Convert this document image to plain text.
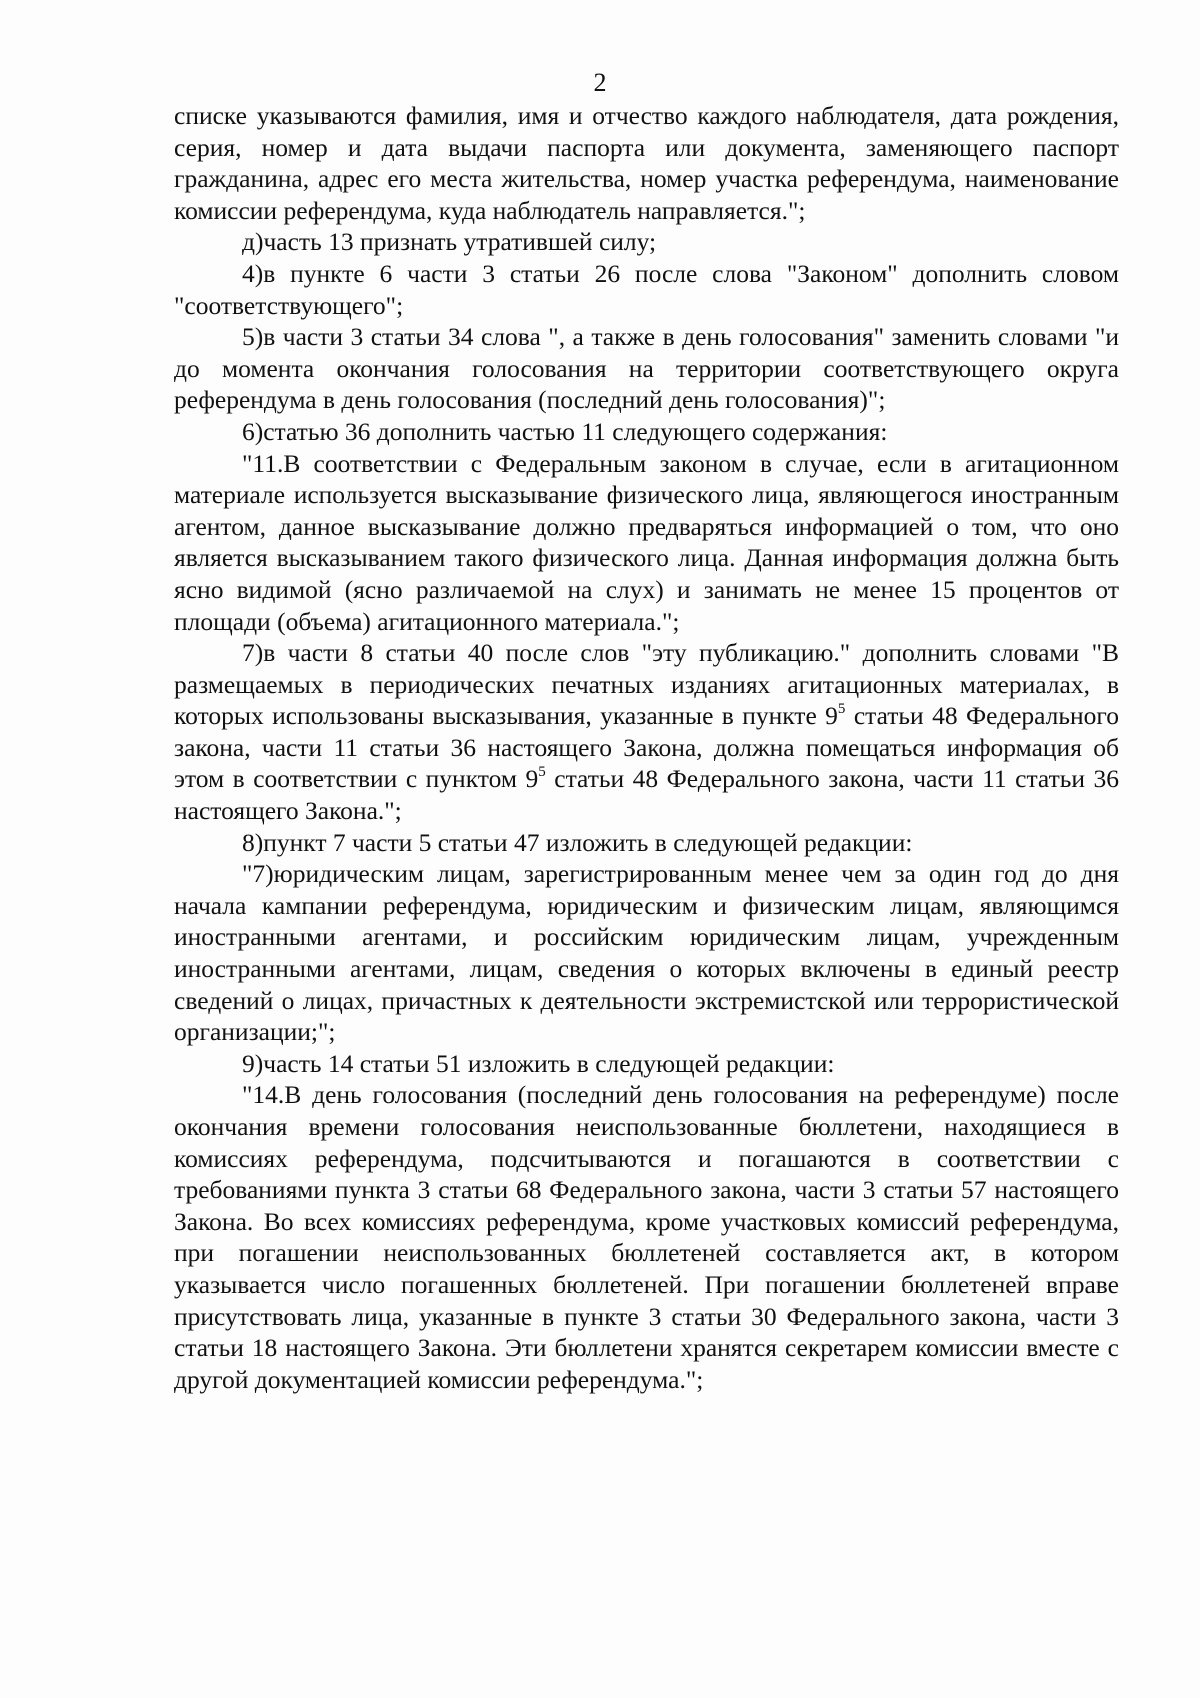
2

списке указываются фамилия, имя и отчество каждого наблюдателя, дата рождения, серия, номер и дата выдачи паспорта или документа, заменяющего паспорт гражданина, адрес его места жительства, номер участка референдума, наименование комиссии референдума, куда наблюдатель направляется.";

д)часть 13 признать утратившей силу;

4)в пункте 6 части 3 статьи 26 после слова "Законом" дополнить словом "соответствующего";

5)в части 3 статьи 34 слова ", а также в день голосования" заменить словами "и до момента окончания голосования на территории соответствующего округа референдума в день голосования (последний день голосования)";

6)статью 36 дополнить частью 11 следующего содержания:

"11.В соответствии с Федеральным законом в случае, если в агитационном материале используется высказывание физического лица, являющегося иностранным агентом, данное высказывание должно предваряться информацией о том, что оно является высказыванием такого физического лица. Данная информация должна быть ясно видимой (ясно различаемой на слух) и занимать не менее 15 процентов от площади (объема) агитационного материала.";

7)в части 8 статьи 40 после слов "эту публикацию." дополнить словами "В размещаемых в периодических печатных изданиях агитационных материалах, в которых использованы высказывания, указанные в пункте $9^5$ статьи 48 Федерального закона, части 11 статьи 36 настоящего Закона, должна помещаться информация об этом в соответствии с пунктом $9^5$ статьи 48 Федерального закона, части 11 статьи 36 настоящего Закона.";

8)пункт 7 части 5 статьи 47 изложить в следующей редакции:

"7)юридическим лицам, зарегистрированным менее чем за один год до дня начала кампании референдума, юридическим и физическим лицам, являющимся иностранными агентами, и российским юридическим лицам, учрежденным иностранными агентами, лицам, сведения о которых включены в единый реестр сведений о лицах, причастных к деятельности экстремистской или террористической организации;";

9)часть 14 статьи 51 изложить в следующей редакции:

"14.В день голосования (последний день голосования на референдуме) после окончания времени голосования неиспользованные бюллетени, находящиеся в комиссиях референдума, подсчитываются и погашаются в соответствии с требованиями пункта 3 статьи 68 Федерального закона, части 3 статьи 57 настоящего Закона. Во всех комиссиях референдума, кроме участковых комиссий референдума, при погашении неиспользованных бюллетеней составляется акт, в котором указывается число погашенных бюллетеней. При погашении бюллетеней вправе присутствовать лица, указанные в пункте 3 статьи 30 Федерального закона, части 3 статьи 18 настоящего Закона. Эти бюллетени хранятся секретарем комиссии вместе с другой документацией комиссии референдума.";
